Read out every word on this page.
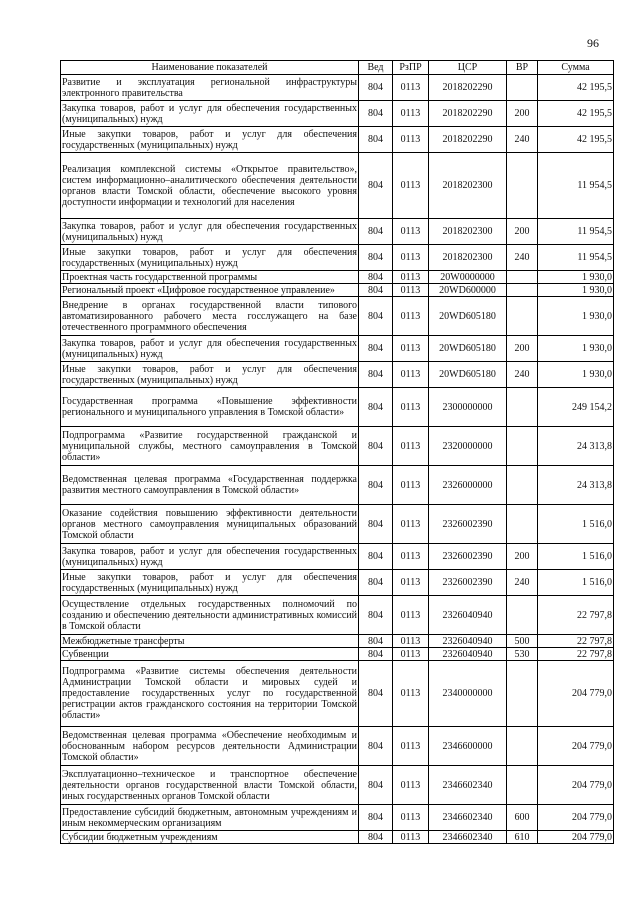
96
Наименование показателей	Вед	РзПР	ЦСР	ВР	Сумма
Развитие и эксплуатация региональной инфраструктуры электронного правительства	804	0113	2018202290		42 195,5
Закупка товаров, работ и услуг для обеспечения государственных (муниципальных) нужд	804	0113	2018202290	200	42 195,5
Иные закупки товаров, работ и услуг для обеспечения государственных (муниципальных) нужд	804	0113	2018202290	240	42 195,5
Реализация комплексной системы «Открытое правительство», систем информационно–аналитического обеспечения деятельности органов власти Томской области, обеспечение высокого уровня доступности информации и технологий для населения	804	0113	2018202300		11 954,5
Закупка товаров, работ и услуг для обеспечения государственных (муниципальных) нужд	804	0113	2018202300	200	11 954,5
Иные закупки товаров, работ и услуг для обеспечения государственных (муниципальных) нужд	804	0113	2018202300	240	11 954,5
Проектная часть государственной программы	804	0113	20W0000000		1 930,0
Региональный проект «Цифровое государственное управление»	804	0113	20WD600000		1 930,0
Внедрение в органах государственной власти типового автоматизированного рабочего места госслужащего на базе отечественного программного обеспечения	804	0113	20WD605180		1 930,0
Закупка товаров, работ и услуг для обеспечения государственных (муниципальных) нужд	804	0113	20WD605180	200	1 930,0
Иные закупки товаров, работ и услуг для обеспечения государственных (муниципальных) нужд	804	0113	20WD605180	240	1 930,0
Государственная программа «Повышение эффективности регионального и муниципального управления в Томской области»	804	0113	2300000000		249 154,2
Подпрограмма «Развитие государственной гражданской и муниципальной службы, местного самоуправления в Томской области»	804	0113	2320000000		24 313,8
Ведомственная целевая программа «Государственная поддержка развития местного самоуправления в Томской области»	804	0113	2326000000		24 313,8
Оказание содействия повышению эффективности деятельности органов местного самоуправления муниципальных образований Томской области	804	0113	2326002390		1 516,0
Закупка товаров, работ и услуг для обеспечения государственных (муниципальных) нужд	804	0113	2326002390	200	1 516,0
Иные закупки товаров, работ и услуг для обеспечения государственных (муниципальных) нужд	804	0113	2326002390	240	1 516,0
Осуществление отдельных государственных полномочий по созданию и обеспечению деятельности административных комиссий в Томской области	804	0113	2326040940		22 797,8
Межбюджетные трансферты	804	0113	2326040940	500	22 797,8
Субвенции	804	0113	2326040940	530	22 797,8
Подпрограмма «Развитие системы обеспечения деятельности Администрации Томской области и мировых судей и предоставление государственных услуг по государственной регистрации актов гражданского состояния на территории Томской области»	804	0113	2340000000		204 779,0
Ведомственная целевая программа «Обеспечение необходимым и обоснованным набором ресурсов деятельности Администрации Томской области»	804	0113	2346600000		204 779,0
Эксплуатационно–техническое и транспортное обеспечение деятельности органов государственной власти Томской области, иных государственных органов Томской области	804	0113	2346602340		204 779,0
Предоставление субсидий бюджетным, автономным учреждениям и иным некоммерческим организациям	804	0113	2346602340	600	204 779,0
Субсидии бюджетным учреждениям	804	0113	2346602340	610	204 779,0
